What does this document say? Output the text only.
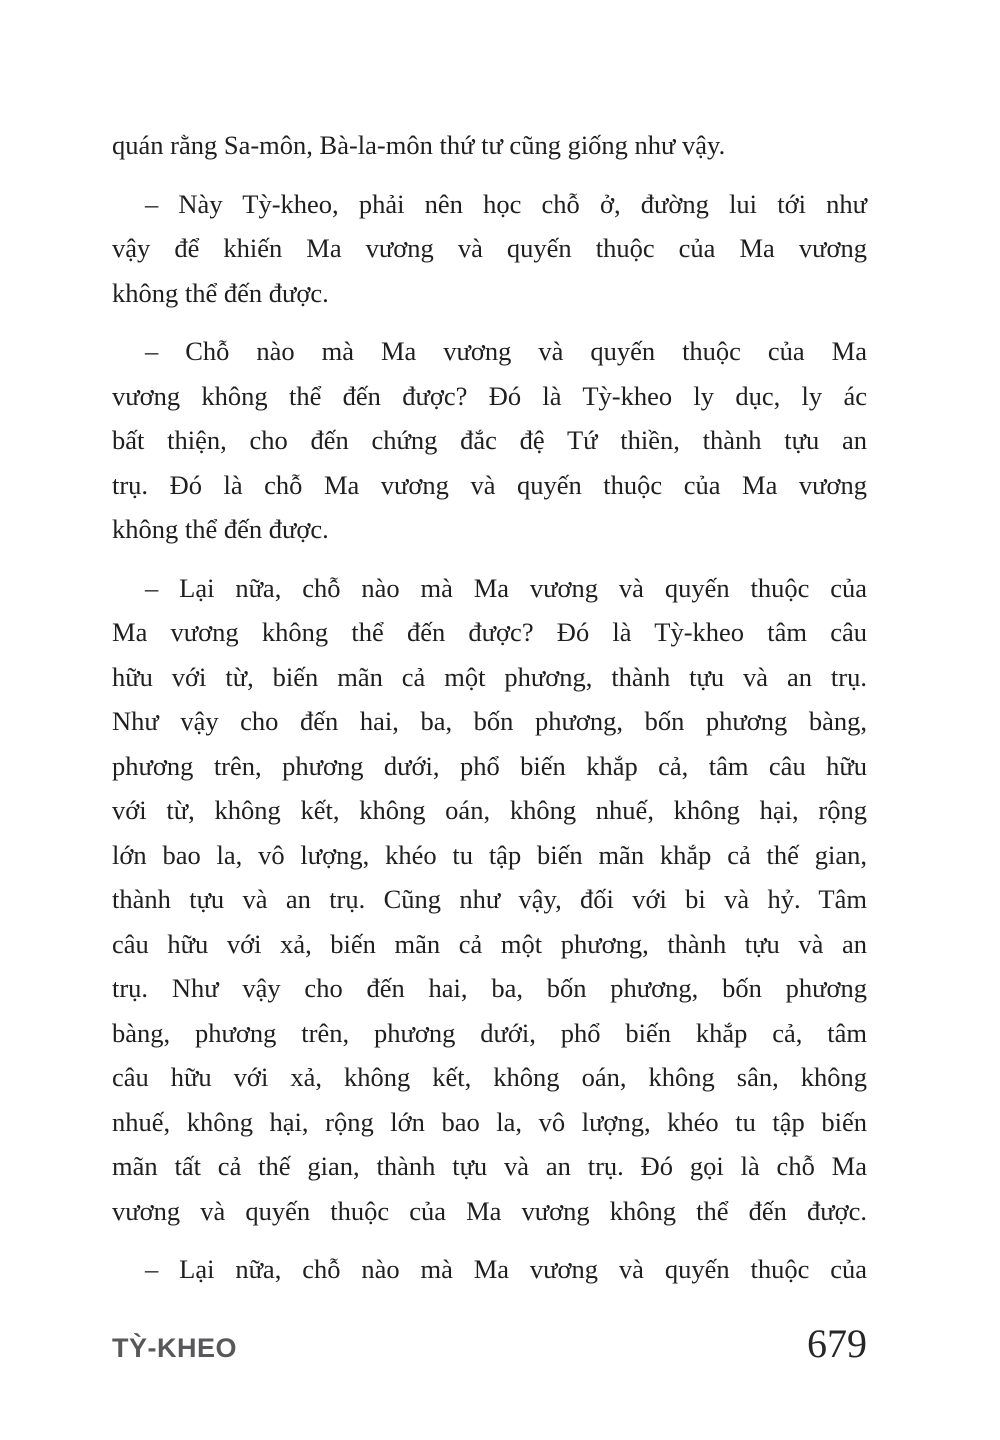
quán rằng Sa-môn, Bà-la-môn thứ tư cũng giống như vậy.
– Này Tỳ-kheo, phải nên học chỗ ở, đường lui tới như
vậy để khiến Ma vương và quyến thuộc của Ma vương
không thể đến được.
– Chỗ nào mà Ma vương và quyến thuộc của Ma
vương không thể đến được? Đó là Tỳ-kheo ly dục, ly ác
bất thiện, cho đến chứng đắc đệ Tứ thiền, thành tựu an
trụ. Đó là chỗ Ma vương và quyến thuộc của Ma vương
không thể đến được.
– Lại nữa, chỗ nào mà Ma vương và quyến thuộc của
Ma vương không thể đến được? Đó là Tỳ-kheo tâm câu
hữu với từ, biến mãn cả một phương, thành tựu và an trụ.
Như vậy cho đến hai, ba, bốn phương, bốn phương bàng,
phương trên, phương dưới, phổ biến khắp cả, tâm câu hữu
với từ, không kết, không oán, không nhuế, không hại, rộng
lớn bao la, vô lượng, khéo tu tập biến mãn khắp cả thế gian,
thành tựu và an trụ. Cũng như vậy, đối với bi và hỷ. Tâm
câu hữu với xả, biến mãn cả một phương, thành tựu và an
trụ. Như vậy cho đến hai, ba, bốn phương, bốn phương
bàng, phương trên, phương dưới, phổ biến khắp cả, tâm
câu hữu với xả, không kết, không oán, không sân, không
nhuế, không hại, rộng lớn bao la, vô lượng, khéo tu tập biến
mãn tất cả thế gian, thành tựu và an trụ. Đó gọi là chỗ Ma
vương và quyến thuộc của Ma vương không thể đến được.
– Lại nữa, chỗ nào mà Ma vương và quyến thuộc của
TỲ-KHEO	679
